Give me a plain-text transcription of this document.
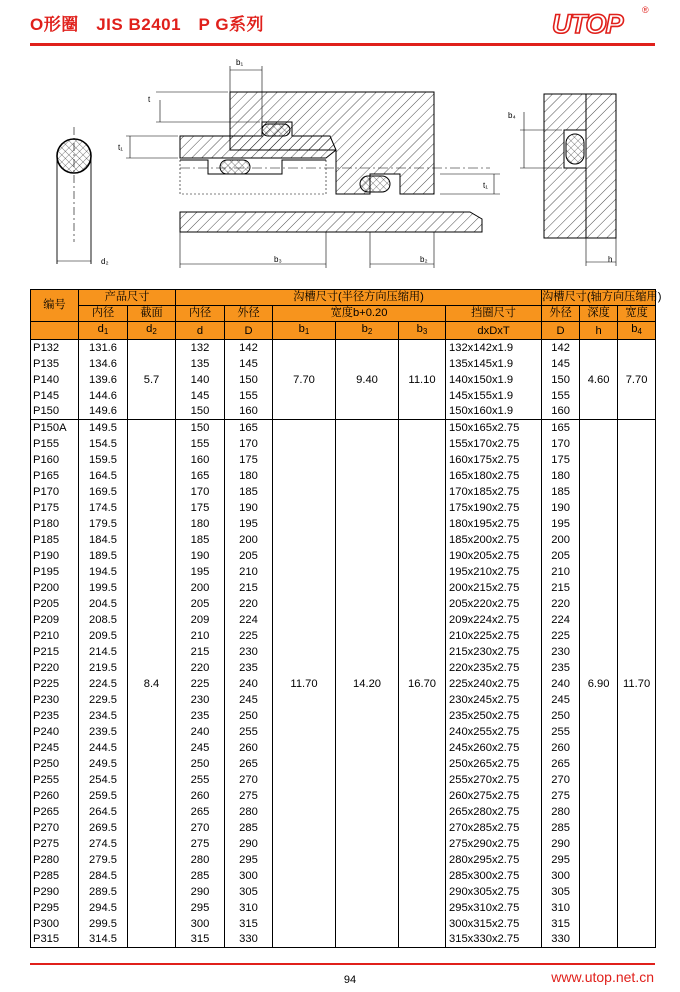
O形圈　JIS B2401　P G系列	UTOP ®
d₂
b₁
t
t₁
b₃	b₂
t₁
b₄
h
编号	产品尺寸		沟槽尺寸(半径方向压缩用)						沟槽尺寸(轴方向压缩用)		
	内径	截面	内径	外径	宽度b+0.20			挡圈尺寸	外径	深度	宽度
	$d_1$	$d_2$	d	D	$b_1$	$b_2$	$b_3$	dxDxT	D	h	$b_4$
P132	131.6	5.7	132	142	7.70	9.40	11.10	132x142x1.9	142	4.60	7.70
P135	134.6		135	145				135x145x1.9	145		
P140	139.6		140	150				140x150x1.9	150		
P145	144.6		145	155				145x155x1.9	155		
P150	149.6		150	160				150x160x1.9	160		
P150A	149.5	8.4	150	165	11.70	14.20	16.70	150x165x2.75	165	6.90	11.70
P155	154.5		155	170				155x170x2.75	170		
P160	159.5		160	175				160x175x2.75	175		
P165	164.5		165	180				165x180x2.75	180		
P170	169.5		170	185				170x185x2.75	185		
P175	174.5		175	190				175x190x2.75	190		
P180	179.5		180	195				180x195x2.75	195		
P185	184.5		185	200				185x200x2.75	200		
P190	189.5		190	205				190x205x2.75	205		
P195	194.5		195	210				195x210x2.75	210		
P200	199.5		200	215				200x215x2.75	215		
P205	204.5		205	220				205x220x2.75	220		
P209	208.5		209	224				209x224x2.75	224		
P210	209.5		210	225				210x225x2.75	225		
P215	214.5		215	230				215x230x2.75	230		
P220	219.5		220	235				220x235x2.75	235		
P225	224.5		225	240				225x240x2.75	240		
P230	229.5		230	245				230x245x2.75	245		
P235	234.5		235	250				235x250x2.75	250		
P240	239.5		240	255				240x255x2.75	255		
P245	244.5		245	260				245x260x2.75	260		
P250	249.5		250	265				250x265x2.75	265		
P255	254.5		255	270				255x270x2.75	270		
P260	259.5		260	275				260x275x2.75	275		
P265	264.5		265	280				265x280x2.75	280		
P270	269.5		270	285				270x285x2.75	285		
P275	274.5		275	290				275x290x2.75	290		
P280	279.5		280	295				280x295x2.75	295		
P285	284.5		285	300				285x300x2.75	300		
P290	289.5		290	305				290x305x2.75	305		
P295	294.5		295	310				295x310x2.75	310		
P300	299.5		300	315				300x315x2.75	315		
P315	314.5		315	330				315x330x2.75	330		
94	www.utop.net.cn
